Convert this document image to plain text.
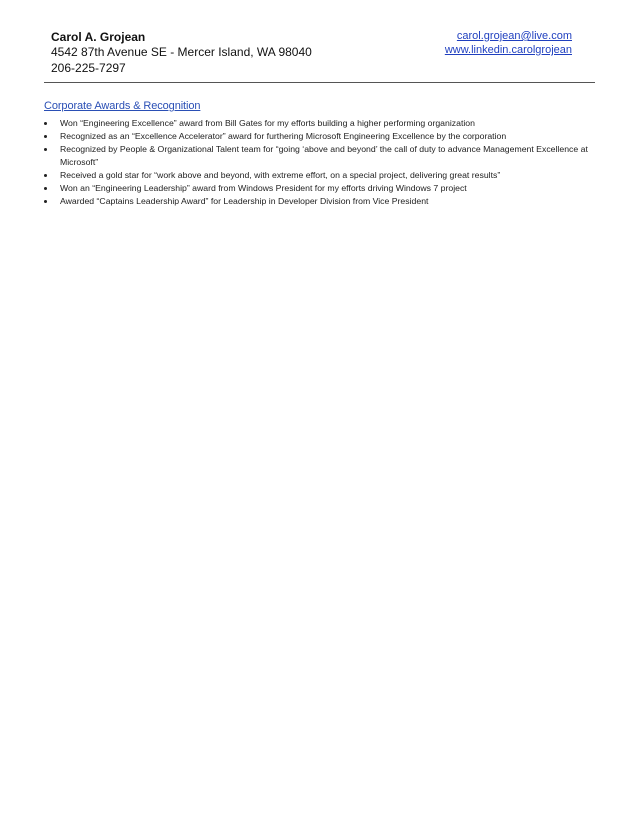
Carol A. Grojean
4542 87th Avenue SE - Mercer Island, WA 98040
206-225-7297
carol.grojean@live.com
www.linkedin.carolgrojean
Corporate Awards & Recognition
Won “Engineering Excellence” award from Bill Gates for my efforts building a higher performing organization
Recognized as an “Excellence Accelerator” award for furthering Microsoft Engineering Excellence by the corporation
Recognized by People & Organizational Talent team for “going ‘above and beyond’ the call of duty to advance Management Excellence at Microsoft”
Received a gold star for “work above and beyond, with extreme effort, on a special project, delivering great results”
Won an “Engineering Leadership” award from Windows President for my efforts driving Windows 7 project
Awarded “Captains Leadership Award” for Leadership in Developer Division from Vice President
